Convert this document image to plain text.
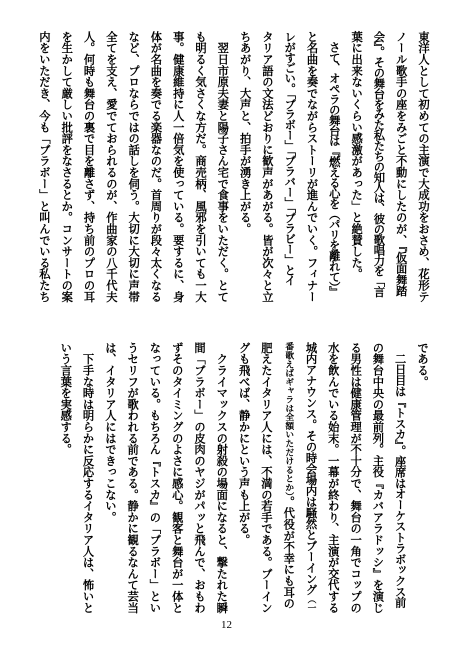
東洋人として初めての主演で大成功をおさめ、花形テ
ノール歌手の座をみごと不動にしたのが、『仮面舞踏
会』。その舞台をみた私たちの知人は、彼の歌唱力を「言
葉に出来ないくらい感激があった」と絶賛した。
　さて、オペラの舞台は『燃える心を（パリを離れて）』
と名曲を奏でながらストーリが進んでいく。フィナー
レがすごい。「ブラボー」「ブラバー」「ブラビー」とイ
タリア語の文法どおりに歓声があがる。皆が次々と立
ちあがり、大声と、拍手が湧き上がる。
　翌日市原夫妻と陽子さん宅で食事をいただく。とて
も明るく気さくな方だ。商売柄、風邪を引いても一大
事。健康維持に人一倍気を使っている。要するに、身
体が名曲を奏でる楽器なのだ。首周りが段々太くなる
など、プロならではの話しを伺う。大切に大切に声帯
全てを支え、愛でておられるのが、作曲家の八千代夫
人。何時も舞台の裏で目を離さず、持ち前のプロの耳
を生かして厳しい批評をなさるとか。コンサートの案
内をいただき、今も「ブラボー」と叫んでいる私たち
である。
　二日目は『トスカ』。座席はオーケストラボックス前
の舞台中央の最前列。主役『カバアラドッシ』を演じ
る男性は健康管理が不十分で、舞台の一角でコップの
水を飲んでいる始末。一幕が終わり、主演が交代する
城内アナウンス。その時会場内は騒然とブーイング（一
番歌えばギャラは全額いただけるとか）。代役が不幸にも耳の
肥えたイタリア人には、不満の若手である。ブーイン
グも飛べば、静かにという声も上がる。
　クライマックスの射殺の場面になると、撃たれた瞬
間「ブラボー」の皮肉のヤジがパッと飛んで、おもわ
ずそのタイミングのよさに感心。観客と舞台が一体と
なっている。もちろん『トスカ』の「ブラボー」とい
うセリフが歌われる前である。静かに観るなんて芸当
は、イタリア人にはできっこない。
　下手な時は明らかに反応するイタリア人は、怖いと
いう言葉を実感する。
12
